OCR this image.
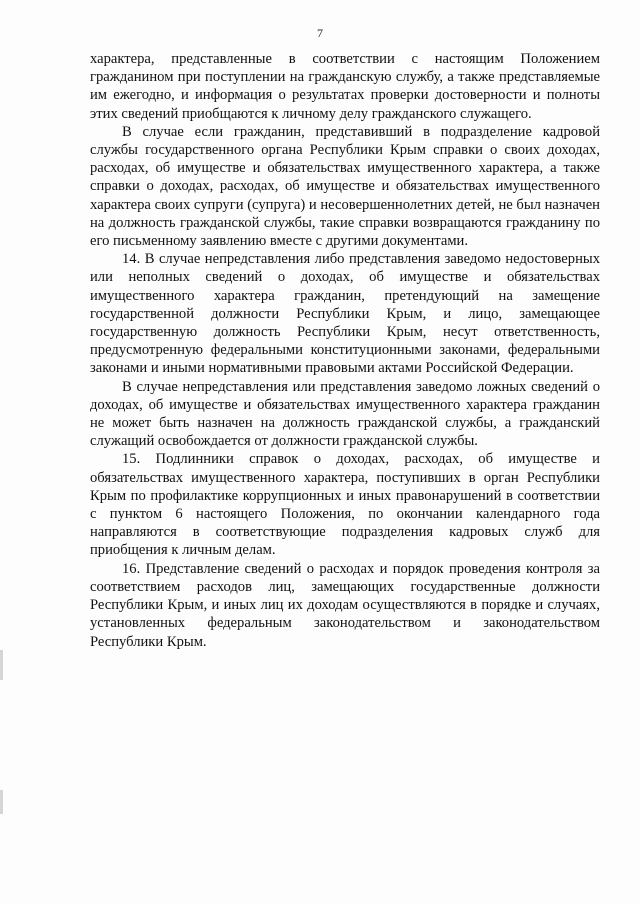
7

характера, представленные в соответствии с настоящим Положением гражданином при поступлении на гражданскую службу, а также представляемые им ежегодно, и информация о результатах проверки достоверности и полноты этих сведений приобщаются к личному делу гражданского служащего.

В случае если гражданин, представивший в подразделение кадровой службы государственного органа Республики Крым справки о своих доходах, расходах, об имуществе и обязательствах имущественного характера, а также справки о доходах, расходах, об имуществе и обязательствах имущественного характера своих супруги (супруга) и несовершеннолетних детей, не был назначен на должность гражданской службы, такие справки возвращаются гражданину по его письменному заявлению вместе с другими документами.

14. В случае непредставления либо представления заведомо недостоверных или неполных сведений о доходах, об имуществе и обязательствах имущественного характера гражданин, претендующий на замещение государственной должности Республики Крым, и лицо, замещающее государственную должность Республики Крым, несут ответственность, предусмотренную федеральными конституционными законами, федеральными законами и иными нормативными правовыми актами Российской Федерации.

В случае непредставления или представления заведомо ложных сведений о доходах, об имуществе и обязательствах имущественного характера гражданин не может быть назначен на должность гражданской службы, а гражданский служащий освобождается от должности гражданской службы.

15. Подлинники справок о доходах, расходах, об имуществе и обязательствах имущественного характера, поступивших в орган Республики Крым по профилактике коррупционных и иных правонарушений в соответствии с пунктом 6 настоящего Положения, по окончании календарного года направляются в соответствующие подразделения кадровых служб для приобщения к личным делам.

16. Представление сведений о расходах и порядок проведения контроля за соответствием расходов лиц, замещающих государственные должности Республики Крым, и иных лиц их доходам осуществляются в порядке и случаях, установленных федеральным законодательством и законодательством Республики Крым.
